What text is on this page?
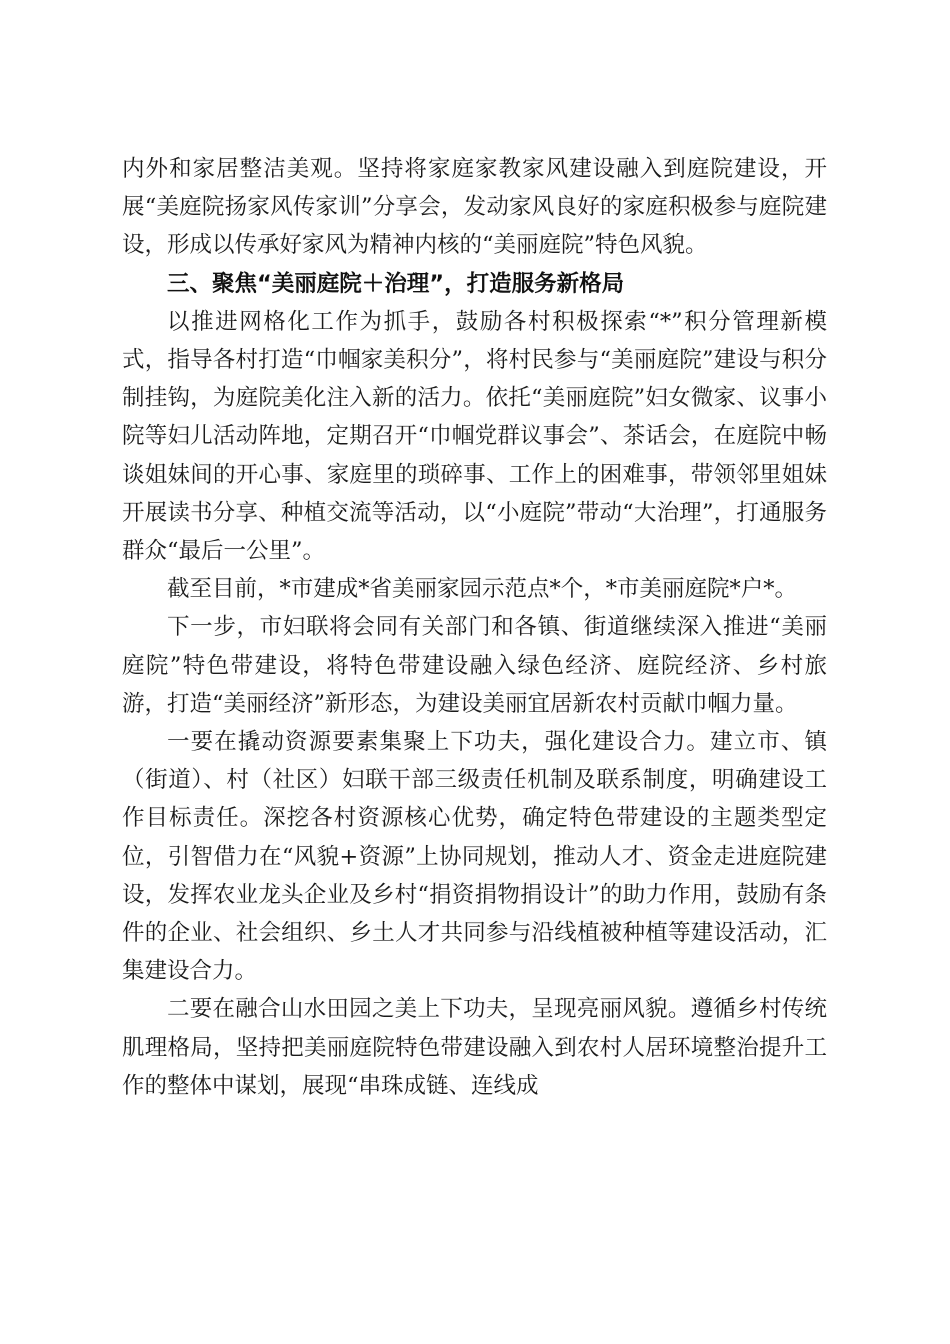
内外和家居整洁美观。坚持将家庭家教家风建设融入到庭院建设，开展“美庭院扬家风传家训”分享会，发动家风良好的家庭积极参与庭院建设，形成以传承好家风为精神内核的“美丽庭院”特色风貌。

三、聚焦“美丽庭院＋治理”，打造服务新格局

以推进网格化工作为抓手，鼓励各村积极探索“*”积分管理新模式，指导各村打造“巾帼家美积分”，将村民参与“美丽庭院”建设与积分制挂钩，为庭院美化注入新的活力。依托“美丽庭院”妇女微家、议事小院等妇儿活动阵地，定期召开“巾帼党群议事会”、茶话会，在庭院中畅谈姐妹间的开心事、家庭里的琐碎事、工作上的困难事，带领邻里姐妹开展读书分享、种植交流等活动，以“小庭院”带动“大治理”，打通服务群众“最后一公里”。

截至目前，*市建成*省美丽家园示范点*个，*市美丽庭院*户*。

下一步，市妇联将会同有关部门和各镇、街道继续深入推进“美丽庭院”特色带建设，将特色带建设融入绿色经济、庭院经济、乡村旅游，打造“美丽经济”新形态，为建设美丽宜居新农村贡献巾帼力量。

一要在撬动资源要素集聚上下功夫，强化建设合力。建立市、镇（街道）、村（社区）妇联干部三级责任机制及联系制度，明确建设工作目标责任。深挖各村资源核心优势，确定特色带建设的主题类型定位，引智借力在“风貌+资源”上协同规划，推动人才、资金走进庭院建设，发挥农业龙头企业及乡村“捐资捐物捐设计”的助力作用，鼓励有条件的企业、社会组织、乡土人才共同参与沿线植被种植等建设活动，汇集建设合力。

二要在融合山水田园之美上下功夫，呈现亮丽风貌。遵循乡村传统肌理格局，坚持把美丽庭院特色带建设融入到农村人居环境整治提升工作的整体中谋划，展现“串珠成链、连线成
